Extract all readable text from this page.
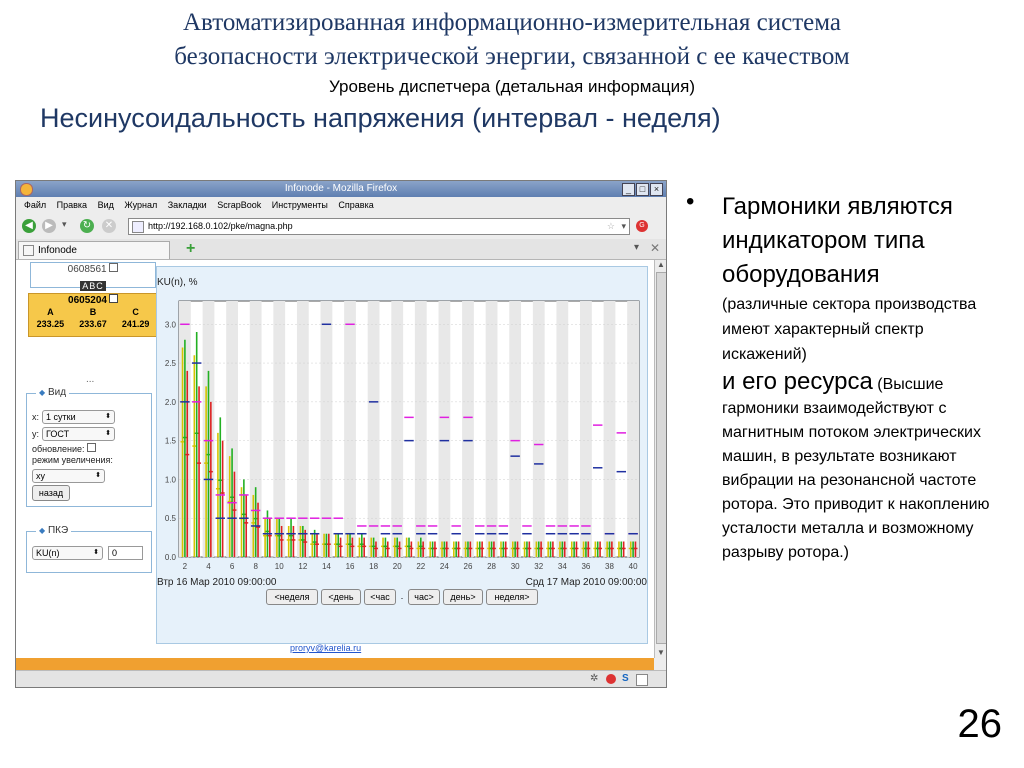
Автоматизированная информационно-измерительная система
безопасности электрической энергии, связанной с ее качеством
Уровень диспетчера (детальная информация)
Несинусоидальность напряжения (интервал - неделя)
Infonode - Mozilla Firefox	_ □ ×
Файл Правка Вид Журнал Закладки ScrapBook Инструменты Справка
◀	▶	▾	↻ ✕	http://192.168.0.102/pke/magna.php	☆ ▾	G
Infonode	+	▾ ✕
0608561
ABC
0605204
A	B	C
233.25 233.67 241.29
...
◆ Вид
x: 1 сутки	⬍
y: ГОСТ	⬍
обновление:
режим увеличения:
xy	⬍
назад
◆ ПКЭ
KU(n)	⬍	0
KU(n), %
0.0
0.5
1.0
1.5
2.0
2.5
3.0
2 4 6 8 10 12 14 16 18 20 22 24 26 28 30 32 34 36 38 40
Втр 16 Мар 2010 09:00:00	Срд 17 Мар 2010 09:00:00
<неделя	<день	<час	.	час>	день>	неделя>
proryv@karelia.ru
▲
▼
✲ S
• Гармоники являются индикатором типа оборудования
(различные сектора производства имеют характерный спектр искажений)
и его ресурса (Высшие гармоники взаимодействуют с магнитным потоком электрических машин, в результате возникают вибрации на резонансной частоте ротора. Это приводит к накоплению усталости металла и возможному разрыву ротора.)
26
